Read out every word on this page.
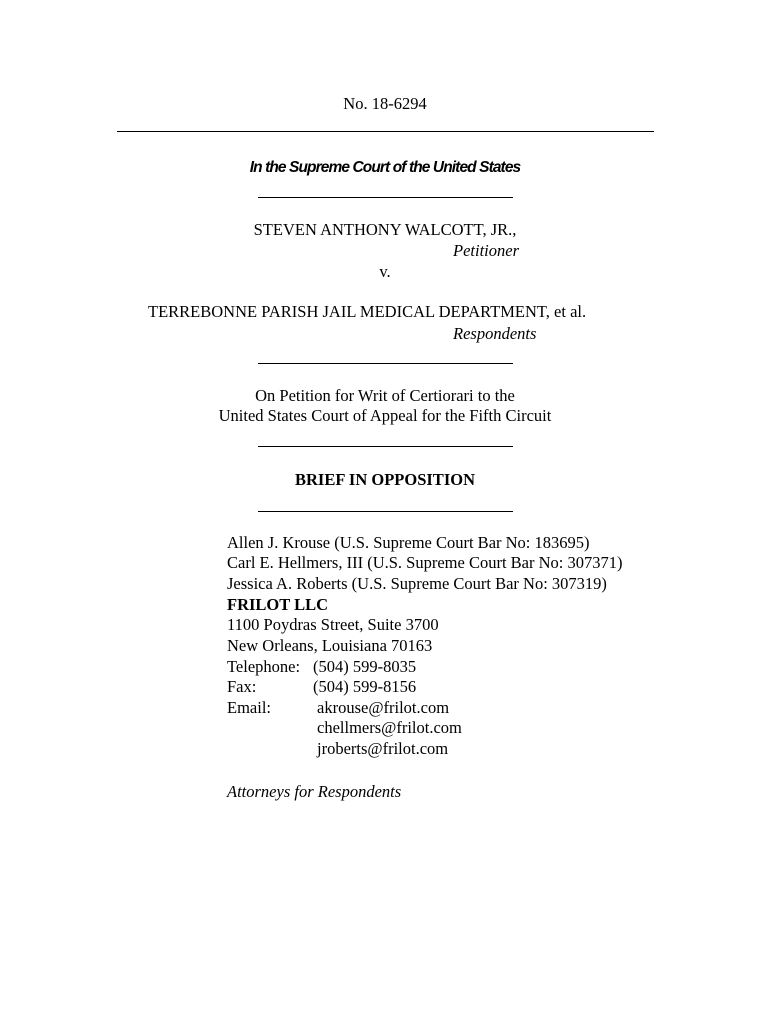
No. 18-6294
In the Supreme Court of the United States
STEVEN ANTHONY WALCOTT, JR.,
Petitioner
v.
TERREBONNE PARISH JAIL MEDICAL DEPARTMENT, et al.
Respondents
On Petition for Writ of Certiorari to the
United States Court of Appeal for the Fifth Circuit
BRIEF IN OPPOSITION
Allen J. Krouse (U.S. Supreme Court Bar No: 183695)
Carl E. Hellmers, III (U.S. Supreme Court Bar No: 307371)
Jessica A. Roberts (U.S. Supreme Court Bar No: 307319)
FRILOT LLC
1100 Poydras Street, Suite 3700
New Orleans, Louisiana 70163
Telephone: (504) 599-8035
Fax:	(504) 599-8156
Email:	akrouse@frilot.com
chellmers@frilot.com
jroberts@frilot.com
Attorneys for Respondents
